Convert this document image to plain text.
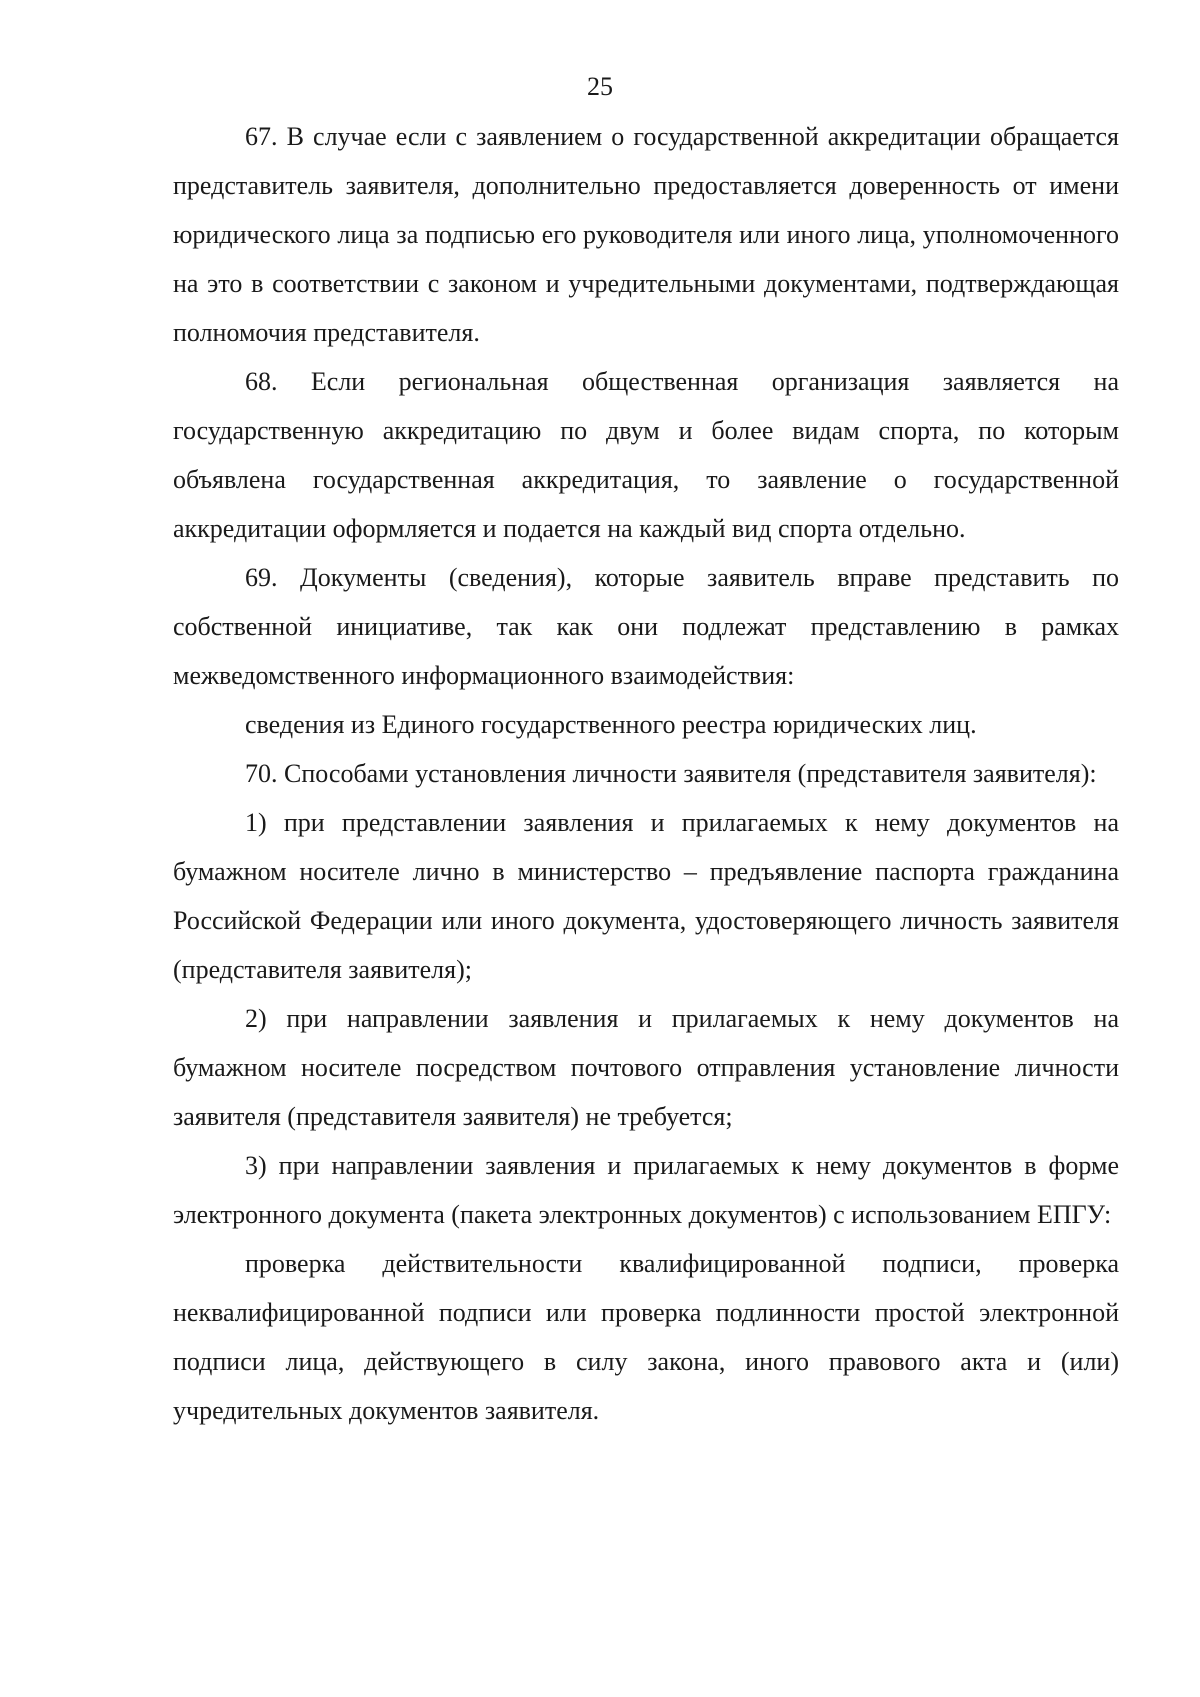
25

67. В случае если с заявлением о государственной аккредитации обращается представитель заявителя, дополнительно предоставляется доверенность от имени юридического лица за подписью его руководителя или иного лица, уполномоченного на это в соответствии с законом и учредительными документами, подтверждающая полномочия представителя.

68. Если региональная общественная организация заявляется на государственную аккредитацию по двум и более видам спорта, по которым объявлена государственная аккредитация, то заявление о государственной аккредитации оформляется и подается на каждый вид спорта отдельно.

69. Документы (сведения), которые заявитель вправе представить по собственной инициативе, так как они подлежат представлению в рамках межведомственного информационного взаимодействия:

сведения из Единого государственного реестра юридических лиц.

70. Способами установления личности заявителя (представителя заявителя):

1) при представлении заявления и прилагаемых к нему документов на бумажном носителе лично в министерство – предъявление паспорта гражданина Российской Федерации или иного документа, удостоверяющего личность заявителя (представителя заявителя);

2) при направлении заявления и прилагаемых к нему документов на бумажном носителе посредством почтового отправления установление личности заявителя (представителя заявителя) не требуется;

3) при направлении заявления и прилагаемых к нему документов в форме электронного документа (пакета электронных документов) с использованием ЕПГУ:

проверка действительности квалифицированной подписи, проверка неквалифицированной подписи или проверка подлинности простой электронной подписи лица, действующего в силу закона, иного правового акта и (или) учредительных документов заявителя.
